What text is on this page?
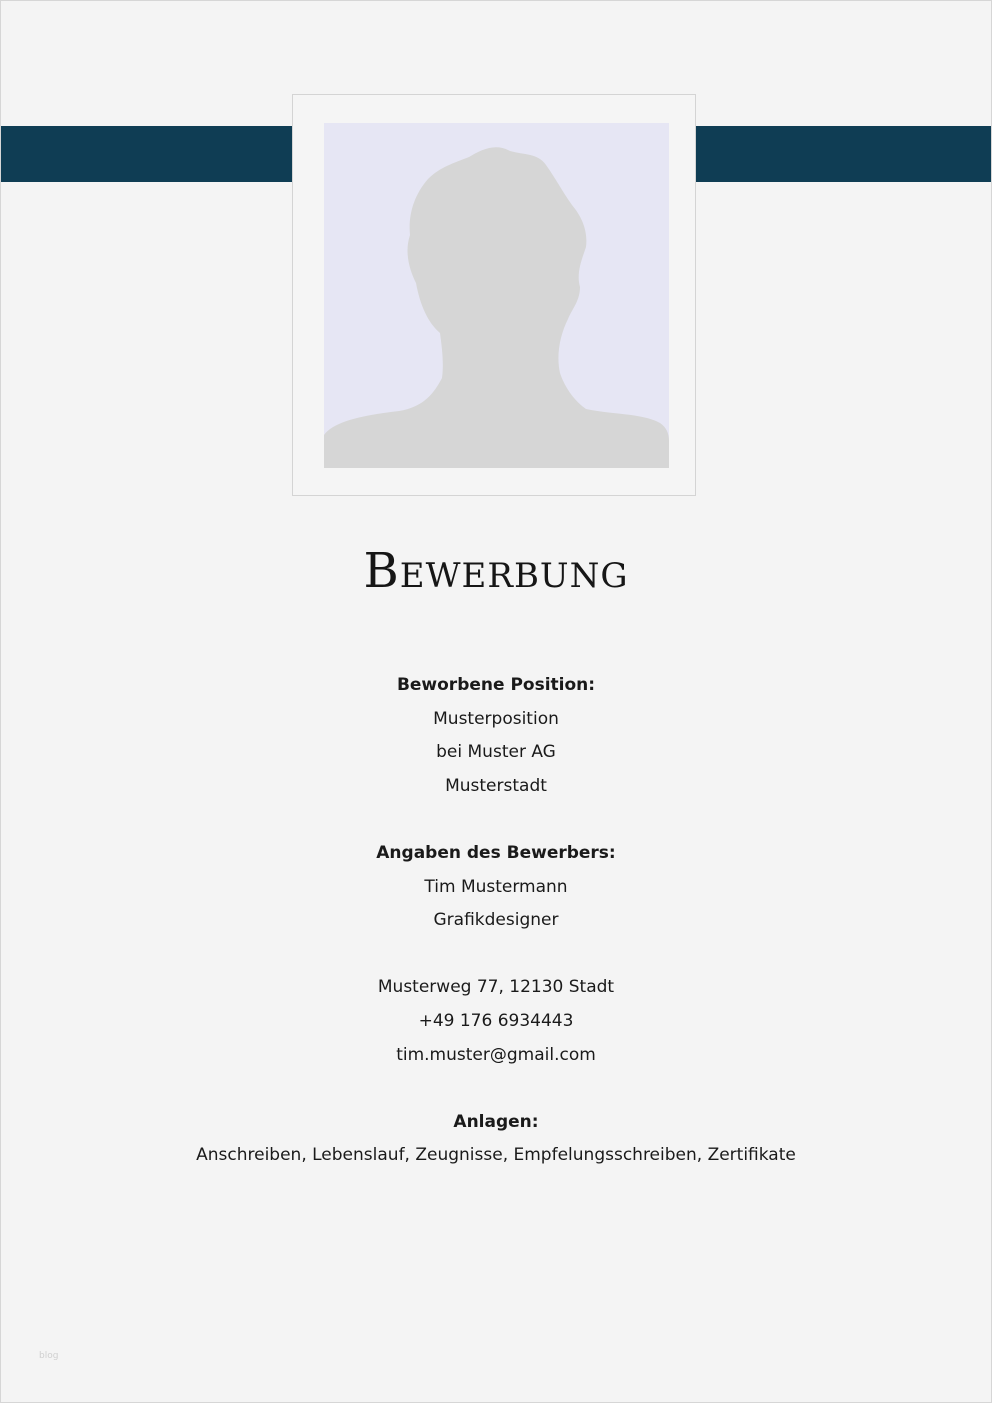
Bewerbung
Beworbene Position:
Musterposition
bei Muster AG
Musterstadt
Angaben des Bewerbers:
Tim Mustermann
Grafikdesigner
Musterweg 77, 12130 Stadt
+49 176 6934443
tim.muster@gmail.com
Anlagen:
Anschreiben, Lebenslauf, Zeugnisse, Empfelungsschreiben, Zertifikate
blog
